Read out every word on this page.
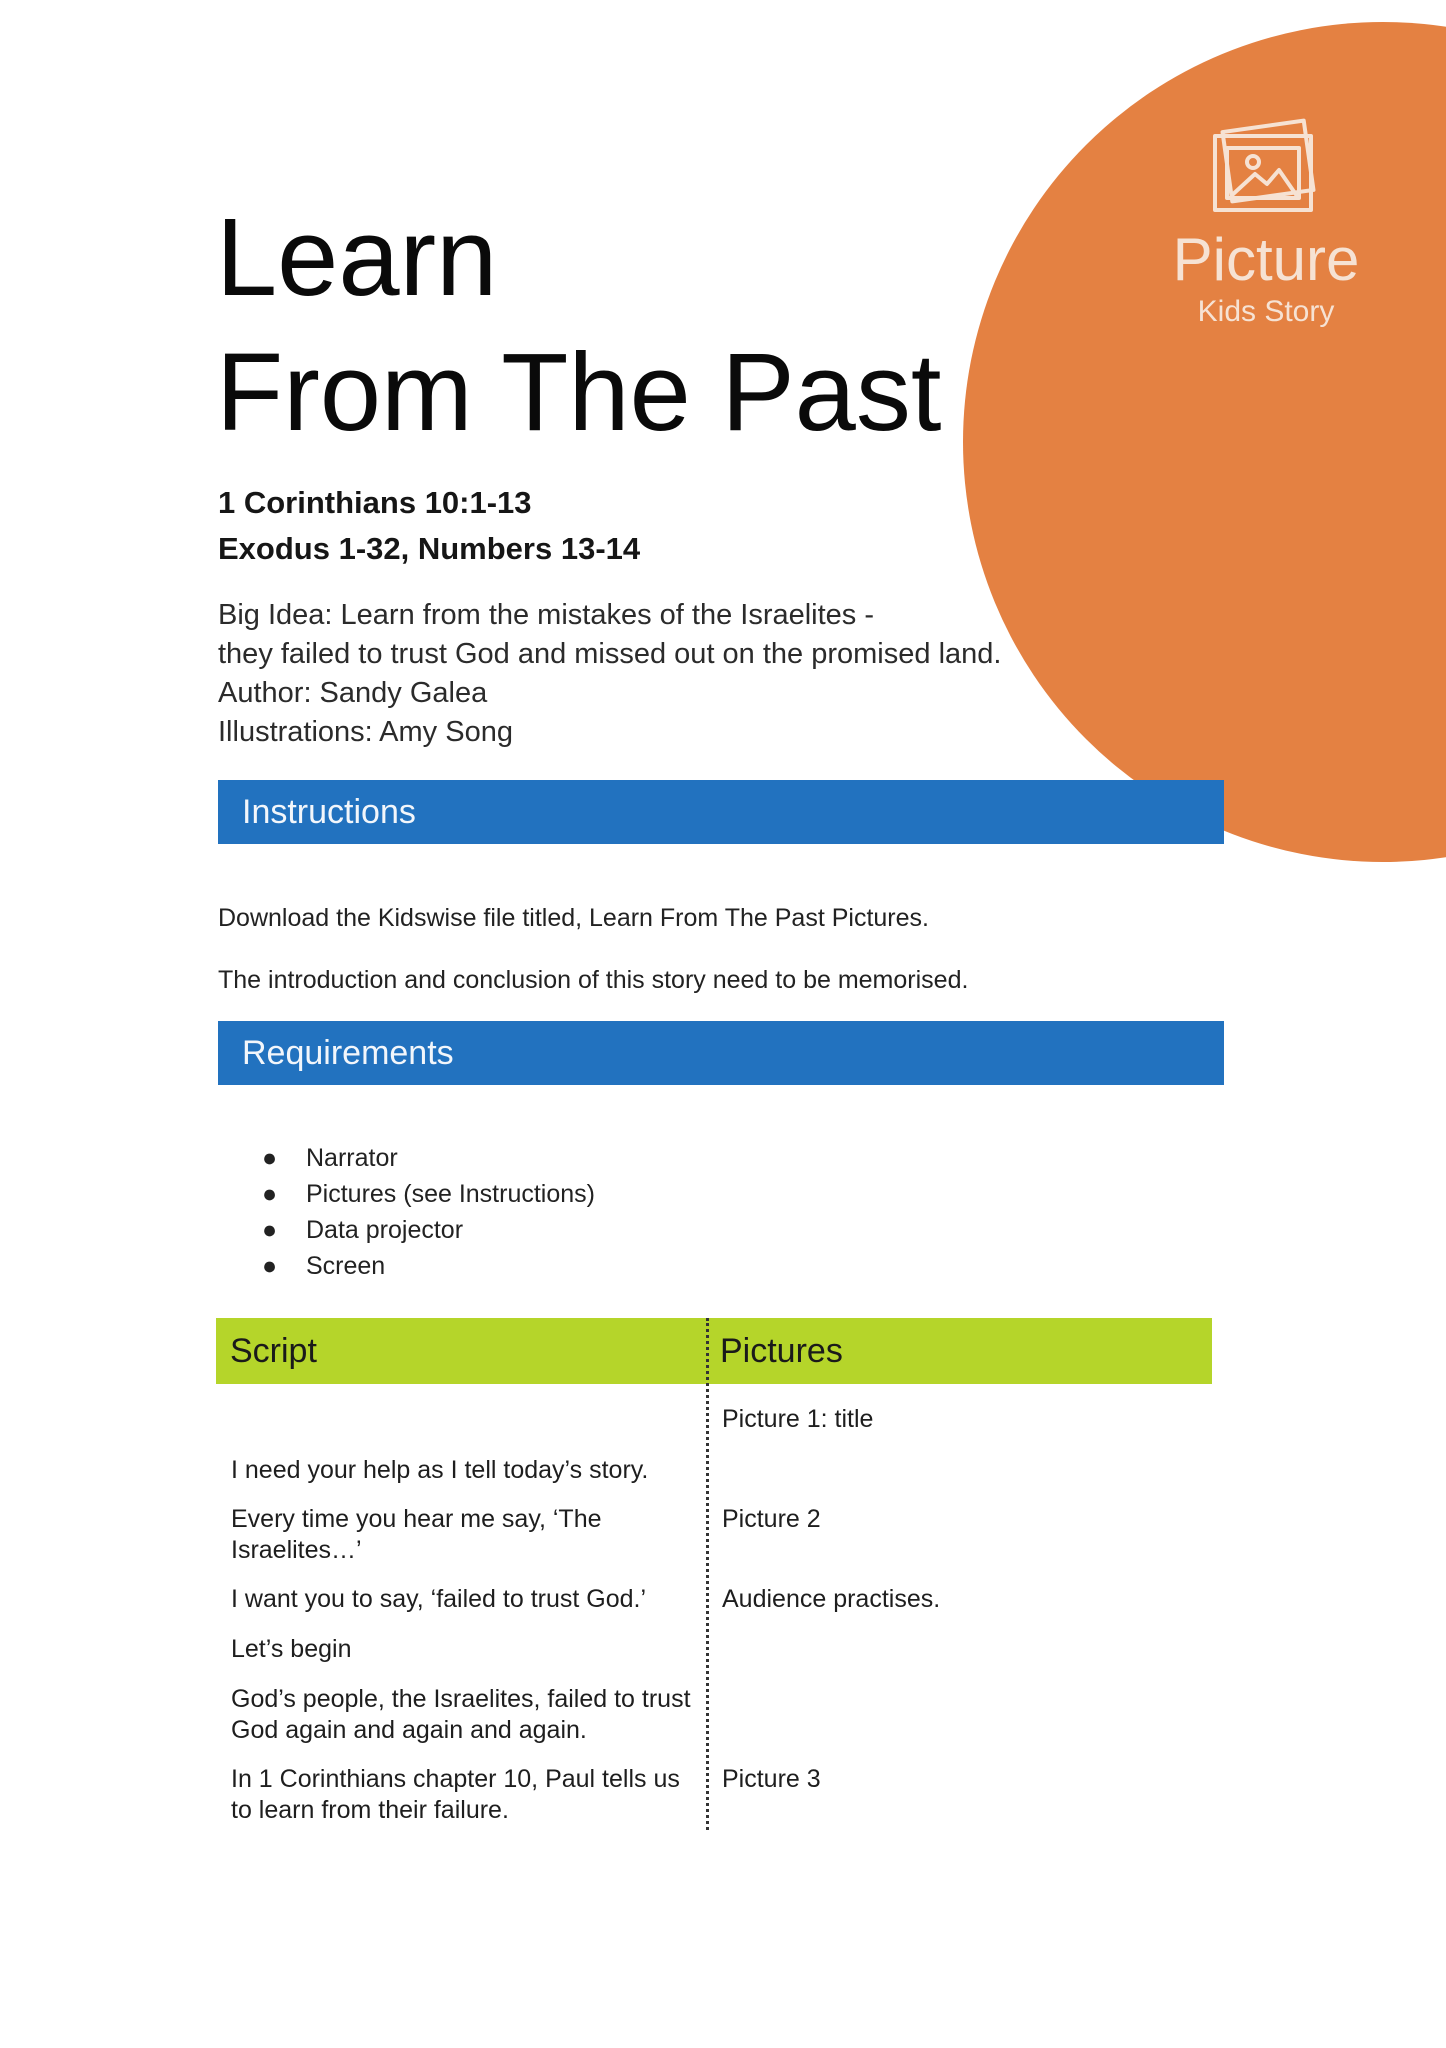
Picture
Kids Story
Learn
From The Past
1 Corinthians 10:1-13
Exodus 1-32, Numbers 13-14
Big Idea: Learn from the mistakes of the Israelites -
they failed to trust God and missed out on the promised land.
Author: Sandy Galea
Illustrations: Amy Song
Instructions
Download the Kidswise file titled, Learn From The Past Pictures.
The introduction and conclusion of this story need to be memorised.
Requirements
● Narrator
● Pictures (see Instructions)
● Data projector
● Screen
Script	Pictures
Picture 1: title
I need your help as I tell today’s story.
Every time you hear me say, ‘The Israelites…’
Picture 2
I want you to say, ‘failed to trust God.’	Audience practises.
Let’s begin
God’s people, the Israelites, failed to trust God again and again and again.
In 1 Corinthians chapter 10, Paul tells us to learn from their failure.
Picture 3
